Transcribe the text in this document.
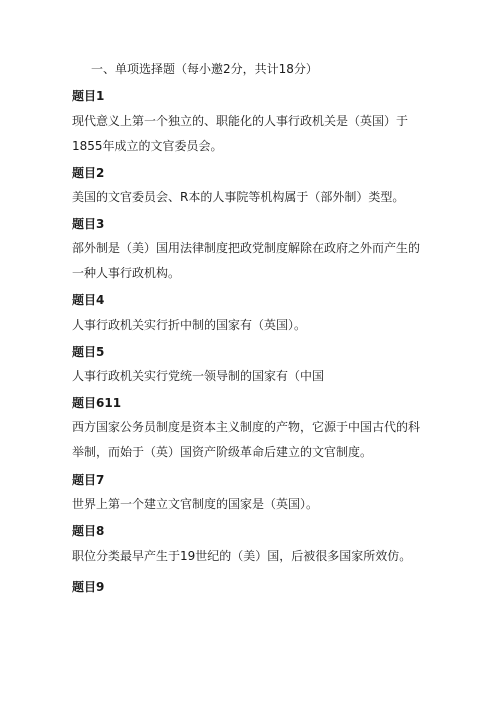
一、单项选择题（每小邀2分，共计18分）
题目1
现代意义上第一个独立的、职能化的人事行政机关是（英国）于
1855年成立的文官委员会。
题目2
美国的文官委员会、R本的人事院等机构属于（部外制）类型。
题目3
部外制是（美）国用法律制度把政党制度解除在政府之外而产生的
一种人事行政机构。
题目4
人事行政机关实行折中制的国家有（英国）。
题目5
人事行政机关实行党统一领导制的国家有（中国
题目611
西方国家公务员制度是资本主义制度的产物，它源于中国古代的科
举制，而始于（英）国资产阶级革命后建立的文官制度。
题目7
世界上第一个建立文官制度的国家是（英国）。
题目8
职位分类最早产生于19世纪的（美）国，后被很多国家所效仿。
题目9
